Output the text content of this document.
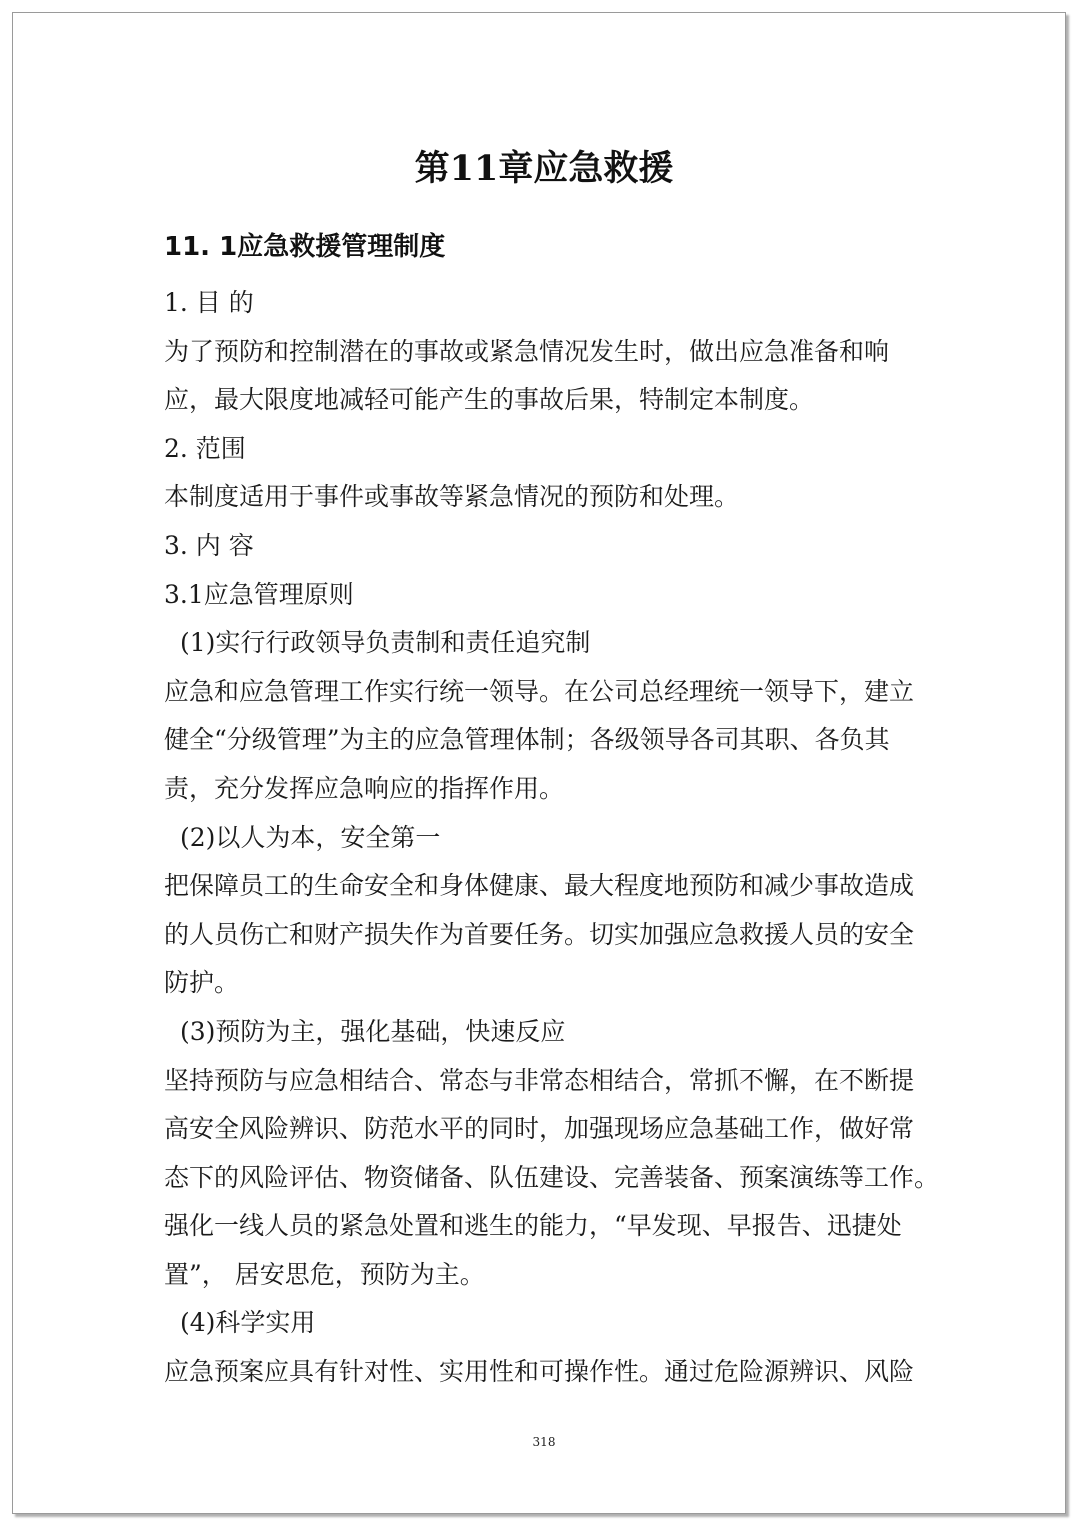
第11章应急救援
11. 1应急救援管理制度
1. 目 的
为了预防和控制潜在的事故或紧急情况发生时，做出应急准备和响
应，最大限度地减轻可能产生的事故后果，特制定本制度。
2. 范围
本制度适用于事件或事故等紧急情况的预防和处理。
3. 内 容
3.1应急管理原则
(1)实行行政领导负责制和责任追究制
应急和应急管理工作实行统一领导。在公司总经理统一领导下，建立
健全“分级管理”为主的应急管理体制；各级领导各司其职、各负其
责，充分发挥应急响应的指挥作用。
(2)以人为本，安全第一
把保障员工的生命安全和身体健康、最大程度地预防和减少事故造成
的人员伤亡和财产损失作为首要任务。切实加强应急救援人员的安全
防护。
(3)预防为主，强化基础，快速反应
坚持预防与应急相结合、常态与非常态相结合，常抓不懈，在不断提
高安全风险辨识、防范水平的同时，加强现场应急基础工作，做好常
态下的风险评估、物资储备、队伍建设、完善装备、预案演练等工作。
强化一线人员的紧急处置和逃生的能力，“早发现、早报告、迅捷处
置”， 居安思危，预防为主。
(4)科学实用
应急预案应具有针对性、实用性和可操作性。通过危险源辨识、风险
318
